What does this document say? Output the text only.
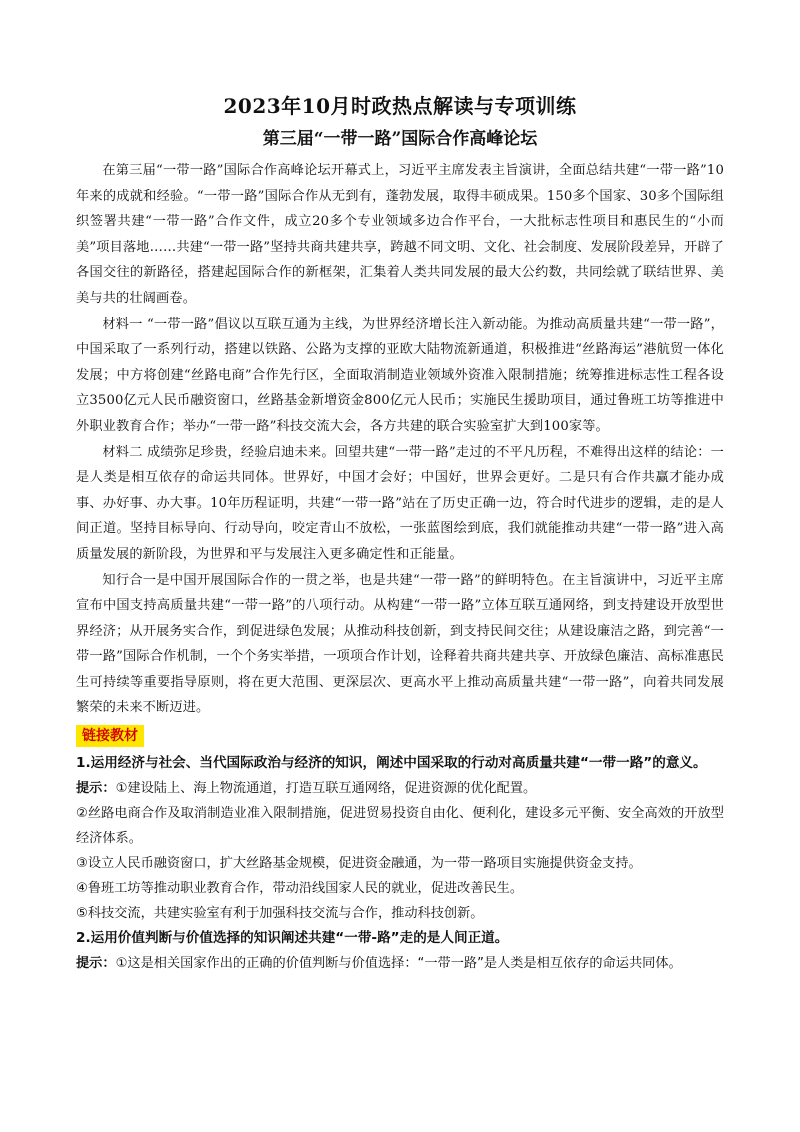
2023年10月时政热点解读与专项训练
第三届“一带一路”国际合作高峰论坛

在第三届“一带一路”国际合作高峰论坛开幕式上，习近平主席发表主旨演讲，全面总结共建“一带一路”10年来的成就和经验。“一带一路”国际合作从无到有，蓬勃发展，取得丰硕成果。150多个国家、30多个国际组织签署共建“一带一路”合作文件，成立20多个专业领域多边合作平台，一大批标志性项目和惠民生的“小而美”项目落地……共建“一带一路”坚持共商共建共享，跨越不同文明、文化、社会制度、发展阶段差异，开辟了各国交往的新路径，搭建起国际合作的新框架，汇集着人类共同发展的最大公约数，共同绘就了联结世界、美美与共的壮阔画卷。

材料一 “一带一路”倡议以互联互通为主线，为世界经济增长注入新动能。为推动高质量共建“一带一路”，中国采取了一系列行动，搭建以铁路、公路为支撑的亚欧大陆物流新通道，积极推进“丝路海运”港航贸一体化发展；中方将创建“丝路电商”合作先行区，全面取消制造业领域外资准入限制措施；统筹推进标志性工程各设立3500亿元人民币融资窗口，丝路基金新增资金800亿元人民币；实施民生援助项目，通过鲁班工坊等推进中外职业教育合作；举办“一带一路”科技交流大会，各方共建的联合实验室扩大到100家等。

材料二 成绩弥足珍贵，经验启迪未来。回望共建“一带一路”走过的不平凡历程，不难得出这样的结论：一是人类是相互依存的命运共同体。世界好，中国才会好；中国好，世界会更好。二是只有合作共赢才能办成事、办好事、办大事。10年历程证明，共建“一带一路”站在了历史正确一边，符合时代进步的逻辑，走的是人间正道。坚持目标导向、行动导向，咬定青山不放松，一张蓝图绘到底，我们就能推动共建“一带一路”进入高质量发展的新阶段，为世界和平与发展注入更多确定性和正能量。

知行合一是中国开展国际合作的一贯之举，也是共建“一带一路”的鲜明特色。在主旨演讲中，习近平主席宣布中国支持高质量共建“一带一路”的八项行动。从构建“一带一路”立体互联互通网络，到支持建设开放型世界经济；从开展务实合作，到促进绿色发展；从推动科技创新，到支持民间交往；从建设廉洁之路，到完善“一带一路”国际合作机制，一个个务实举措，一项项合作计划，诠释着共商共建共享、开放绿色廉洁、高标准惠民生可持续等重要指导原则，将在更大范围、更深层次、更高水平上推动高质量共建“一带一路”，向着共同发展繁荣的未来不断迈进。

链接教材

1.运用经济与社会、当代国际政治与经济的知识，阐述中国采取的行动对高质量共建“一带一路”的意义。

提示：①建设陆上、海上物流通道，打造互联互通网络，促进资源的优化配置。

②丝路电商合作及取消制造业准入限制措施，促进贸易投资自由化、便利化，建设多元平衡、安全高效的开放型经济体系。

③设立人民币融资窗口，扩大丝路基金规模，促进资金融通，为一带一路项目实施提供资金支持。

④鲁班工坊等推动职业教育合作，带动沿线国家人民的就业，促进改善民生。

⑤科技交流，共建实验室有利于加强科技交流与合作，推动科技创新。

2.运用价值判断与价值选择的知识阐述共建“一带-路”走的是人间正道。

提示：①这是相关国家作出的正确的价值判断与价值选择：“一带一路”是人类是相互依存的命运共同体。
